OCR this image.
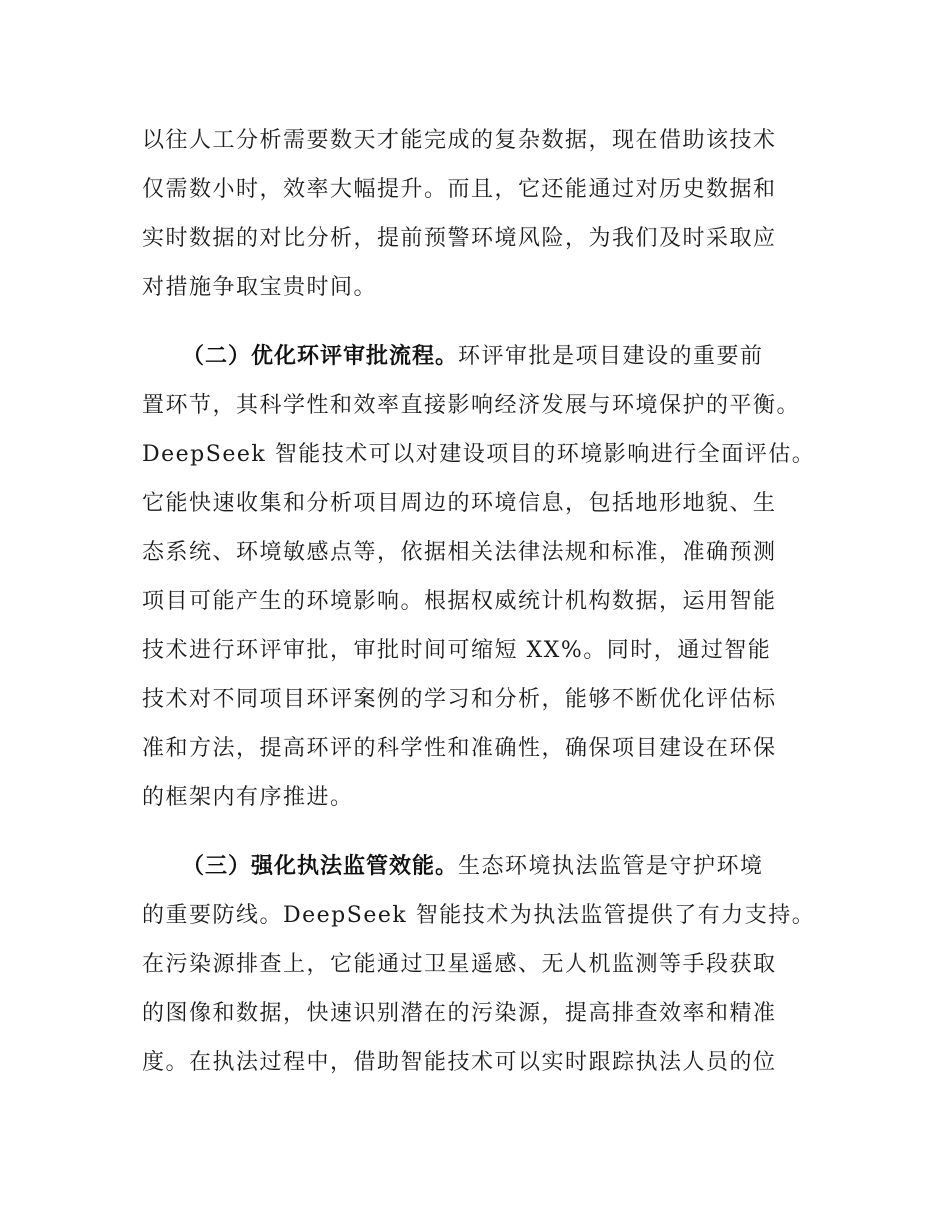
以往人工分析需要数天才能完成的复杂数据，现在借助该技术
仅需数小时，效率大幅提升。而且，它还能通过对历史数据和
实时数据的对比分析，提前预警环境风险，为我们及时采取应
对措施争取宝贵时间。
（二）优化环评审批流程。环评审批是项目建设的重要前
置环节，其科学性和效率直接影响经济发展与环境保护的平衡。
DeepSeek 智能技术可以对建设项目的环境影响进行全面评估。
它能快速收集和分析项目周边的环境信息，包括地形地貌、生
态系统、环境敏感点等，依据相关法律法规和标准，准确预测
项目可能产生的环境影响。根据权威统计机构数据，运用智能
技术进行环评审批，审批时间可缩短 XX%。同时，通过智能
技术对不同项目环评案例的学习和分析，能够不断优化评估标
准和方法，提高环评的科学性和准确性，确保项目建设在环保
的框架内有序推进。
（三）强化执法监管效能。生态环境执法监管是守护环境
的重要防线。DeepSeek 智能技术为执法监管提供了有力支持。
在污染源排查上，它能通过卫星遥感、无人机监测等手段获取
的图像和数据，快速识别潜在的污染源，提高排查效率和精准
度。在执法过程中，借助智能技术可以实时跟踪执法人员的位
